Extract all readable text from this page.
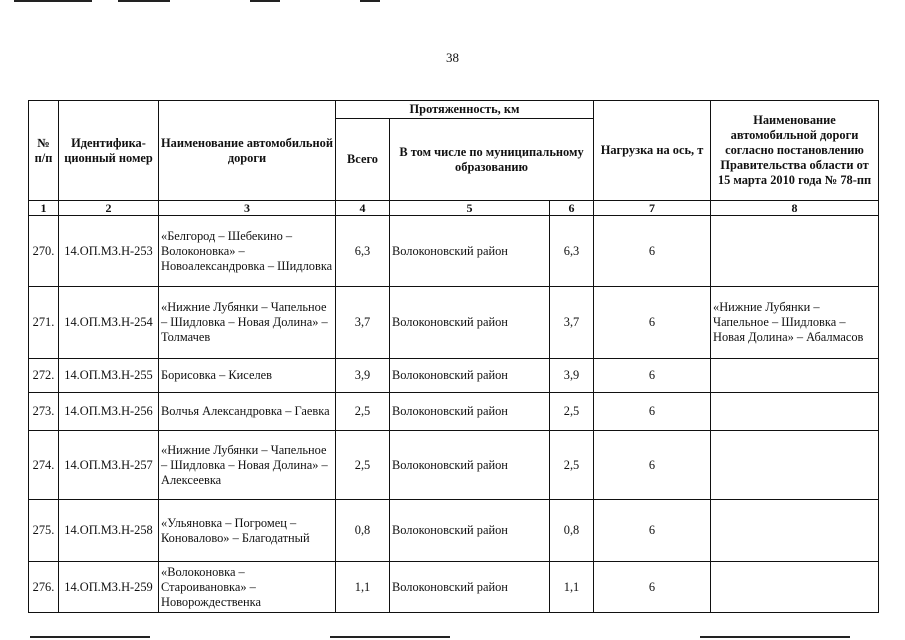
38
№ п/п	Идентифика-ционный номер	Наименование автомобильной дороги	Протяженность, км			Нагрузка на ось, т	Наименование автомобильной дороги согласно постановлению Правительства области от 15 марта 2010 года № 78-пп
			Всего	В том числе по муниципальному образованию			
1	2	3	4	5	6	7	8
270.	14.ОП.МЗ.Н-253	«Белгород – Шебекино – Волоконовка» – Новоалександровка – Шидловка	6,3	Волоконовский район	6,3	6	
271.	14.ОП.МЗ.Н-254	«Нижние Лубянки – Чапельное – Шидловка – Новая Долина» – Толмачев	3,7	Волоконовский район	3,7	6	«Нижние Лубянки – Чапельное – Шидловка – Новая Долина» – Абалмасов
272.	14.ОП.МЗ.Н-255	Борисовка – Киселев	3,9	Волоконовский район	3,9	6	
273.	14.ОП.МЗ.Н-256	Волчья Александровка – Гаевка	2,5	Волоконовский район	2,5	6	
274.	14.ОП.МЗ.Н-257	«Нижние Лубянки – Чапельное – Шидловка – Новая Долина» – Алексеевка	2,5	Волоконовский район	2,5	6	
275.	14.ОП.МЗ.Н-258	«Ульяновка – Погромец – Коновалово» – Благодатный	0,8	Волоконовский район	0,8	6	
276.	14.ОП.МЗ.Н-259	«Волоконовка – Староивановка» – Новорождественка	1,1	Волоконовский район	1,1	6	
